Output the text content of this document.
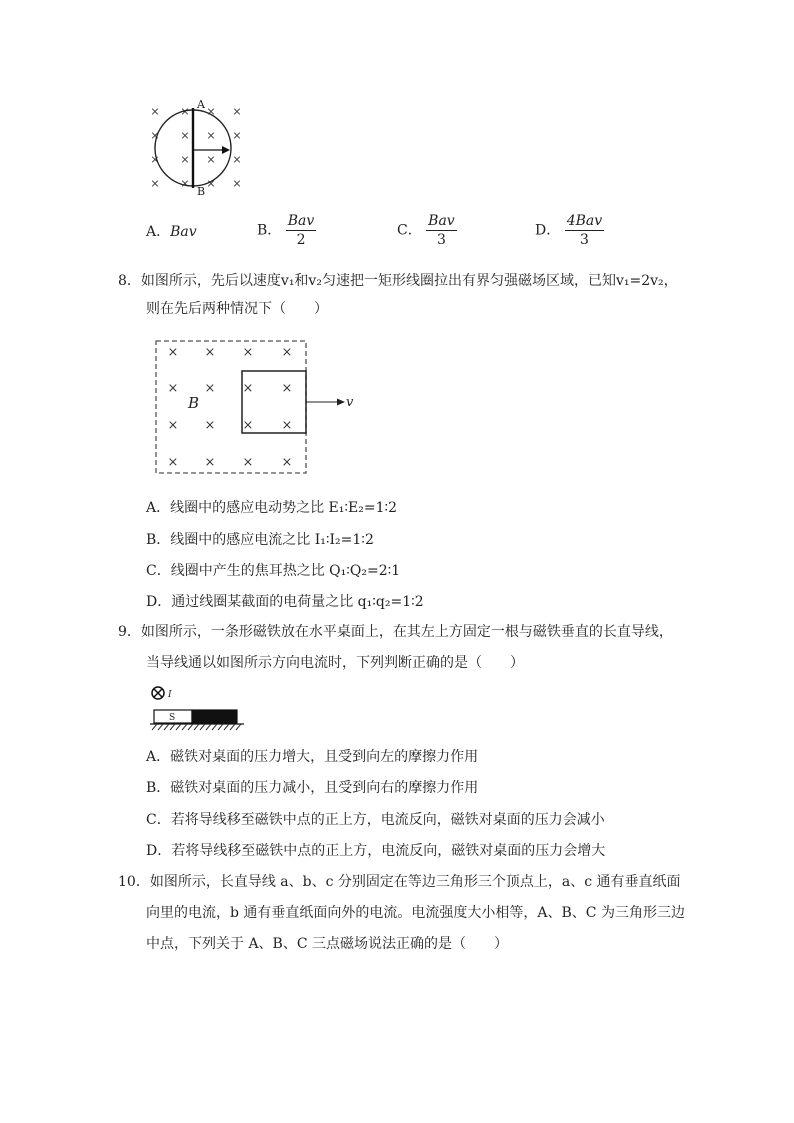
× × × ×
× × × ×
× × × ×
× × × ×
A
B
A．Bav	B． $\frac{\text{Bav}}{2}$	C． $\frac{\text{Bav}}{3}$	D． $\frac{\text{4Bav}}{3}$
8．如图所示，先后以速度v₁和v₂匀速把一矩形线圈拉出有界匀强磁场区域，已知v₁=2v₂，
则在先后两种情况下（　　）
× × × ×
× × × ×
× × × ×
× × × ×
B	v
A．线圈中的感应电动势之比 E₁∶E₂=1∶2
B．线圈中的感应电流之比 I₁∶I₂=1∶2
C．线圈中产生的焦耳热之比 Q₁∶Q₂=2∶1
D．通过线圈某截面的电荷量之比 q₁∶q₂=1∶2
9．如图所示，一条形磁铁放在水平桌面上，在其左上方固定一根与磁铁垂直的长直导线，
当导线通以如图所示方向电流时，下列判断正确的是（　　）
I
S
A．磁铁对桌面的压力增大，且受到向左的摩擦力作用
B．磁铁对桌面的压力减小，且受到向右的摩擦力作用
C．若将导线移至磁铁中点的正上方，电流反向，磁铁对桌面的压力会减小
D．若将导线移至磁铁中点的正上方，电流反向，磁铁对桌面的压力会增大
10．如图所示，长直导线 a、b、c 分别固定在等边三角形三个顶点上，a、c 通有垂直纸面
向里的电流，b 通有垂直纸面向外的电流。电流强度大小相等，A、B、C 为三角形三边
中点，下列关于 A、B、C 三点磁场说法正确的是（　　）
